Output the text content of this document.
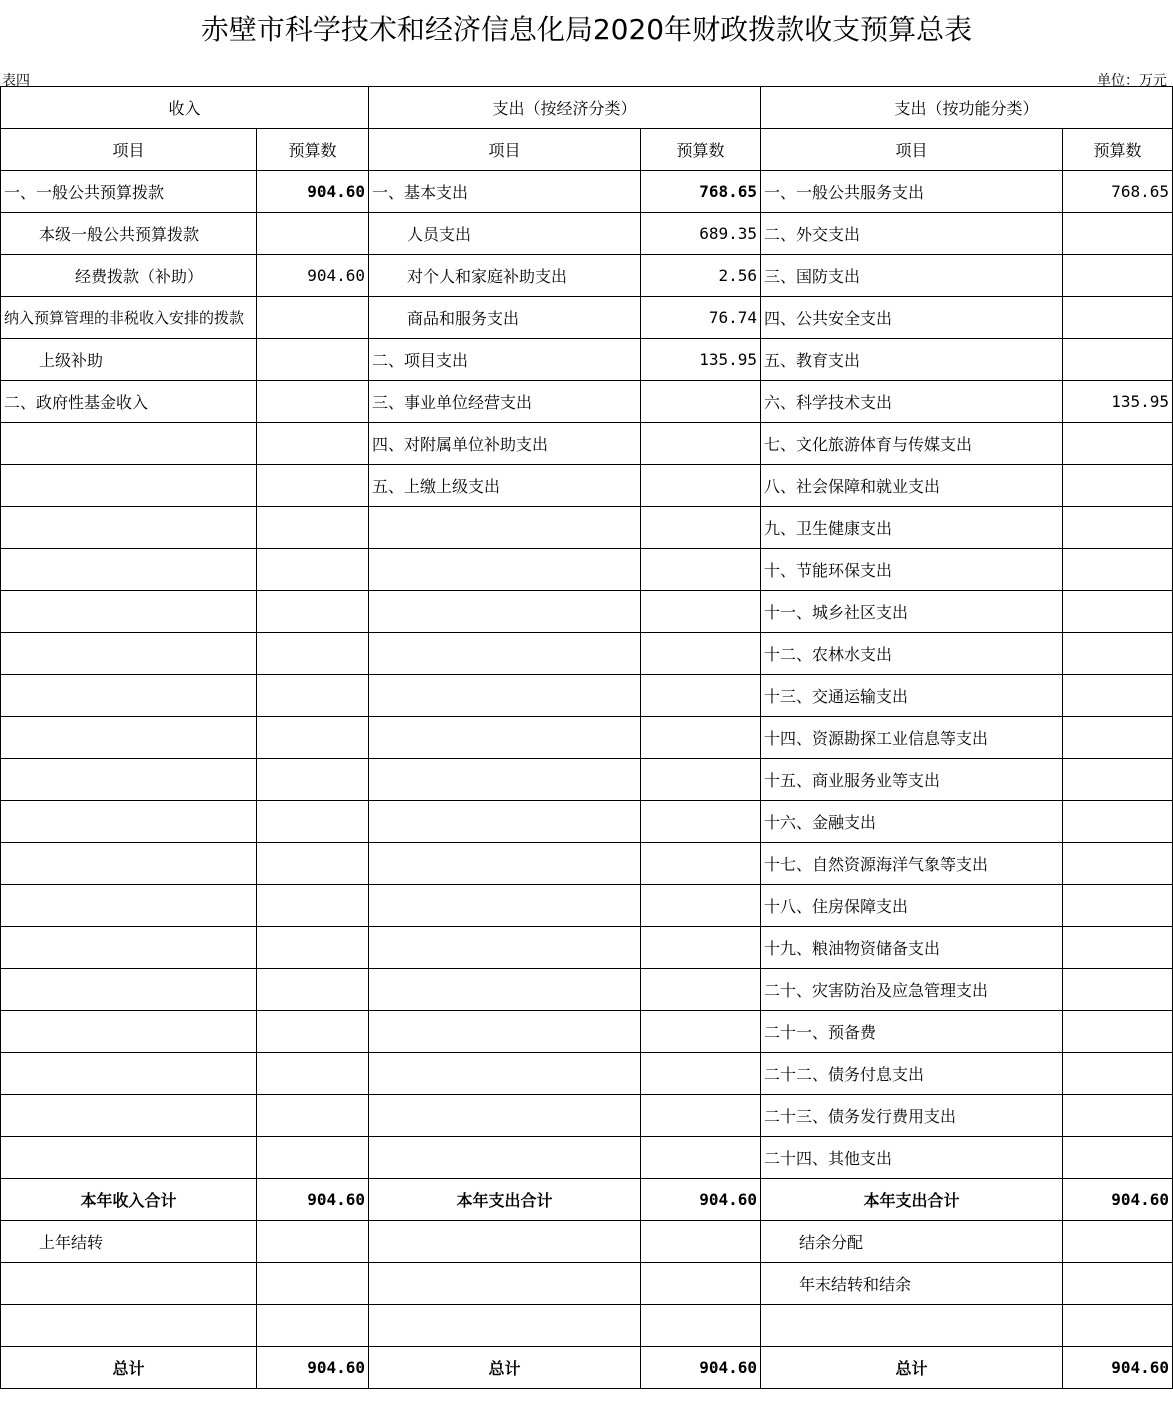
赤壁市科学技术和经济信息化局2020年财政拨款收支预算总表
表四	单位：万元
收入		支出（按经济分类）		支出（按功能分类）	
项目	预算数	项目	预算数	项目	预算数
一、一般公共预算拨款	904.60	一、基本支出	768.65	一、一般公共服务支出	768.65
本级一般公共预算拨款		人员支出	689.35	二、外交支出	
经费拨款（补助）	904.60	对个人和家庭补助支出	2.56	三、国防支出	
纳入预算管理的非税收入安排的拨款		商品和服务支出	76.74	四、公共安全支出	
上级补助		二、项目支出	135.95	五、教育支出	
二、政府性基金收入		三、事业单位经营支出		六、科学技术支出	135.95
		四、对附属单位补助支出		七、文化旅游体育与传媒支出	
		五、上缴上级支出		八、社会保障和就业支出	
				九、卫生健康支出	
				十、节能环保支出	
				十一、城乡社区支出	
				十二、农林水支出	
				十三、交通运输支出	
				十四、资源勘探工业信息等支出	
				十五、商业服务业等支出	
				十六、金融支出	
				十七、自然资源海洋气象等支出	
				十八、住房保障支出	
				十九、粮油物资储备支出	
				二十、灾害防治及应急管理支出	
				二十一、预备费	
				二十二、债务付息支出	
				二十三、债务发行费用支出	
				二十四、其他支出	
本年收入合计	904.60	本年支出合计	904.60	本年支出合计	904.60
上年结转				结余分配	
				年末结转和结余	

总计	904.60	总计	904.60	总计	904.60
